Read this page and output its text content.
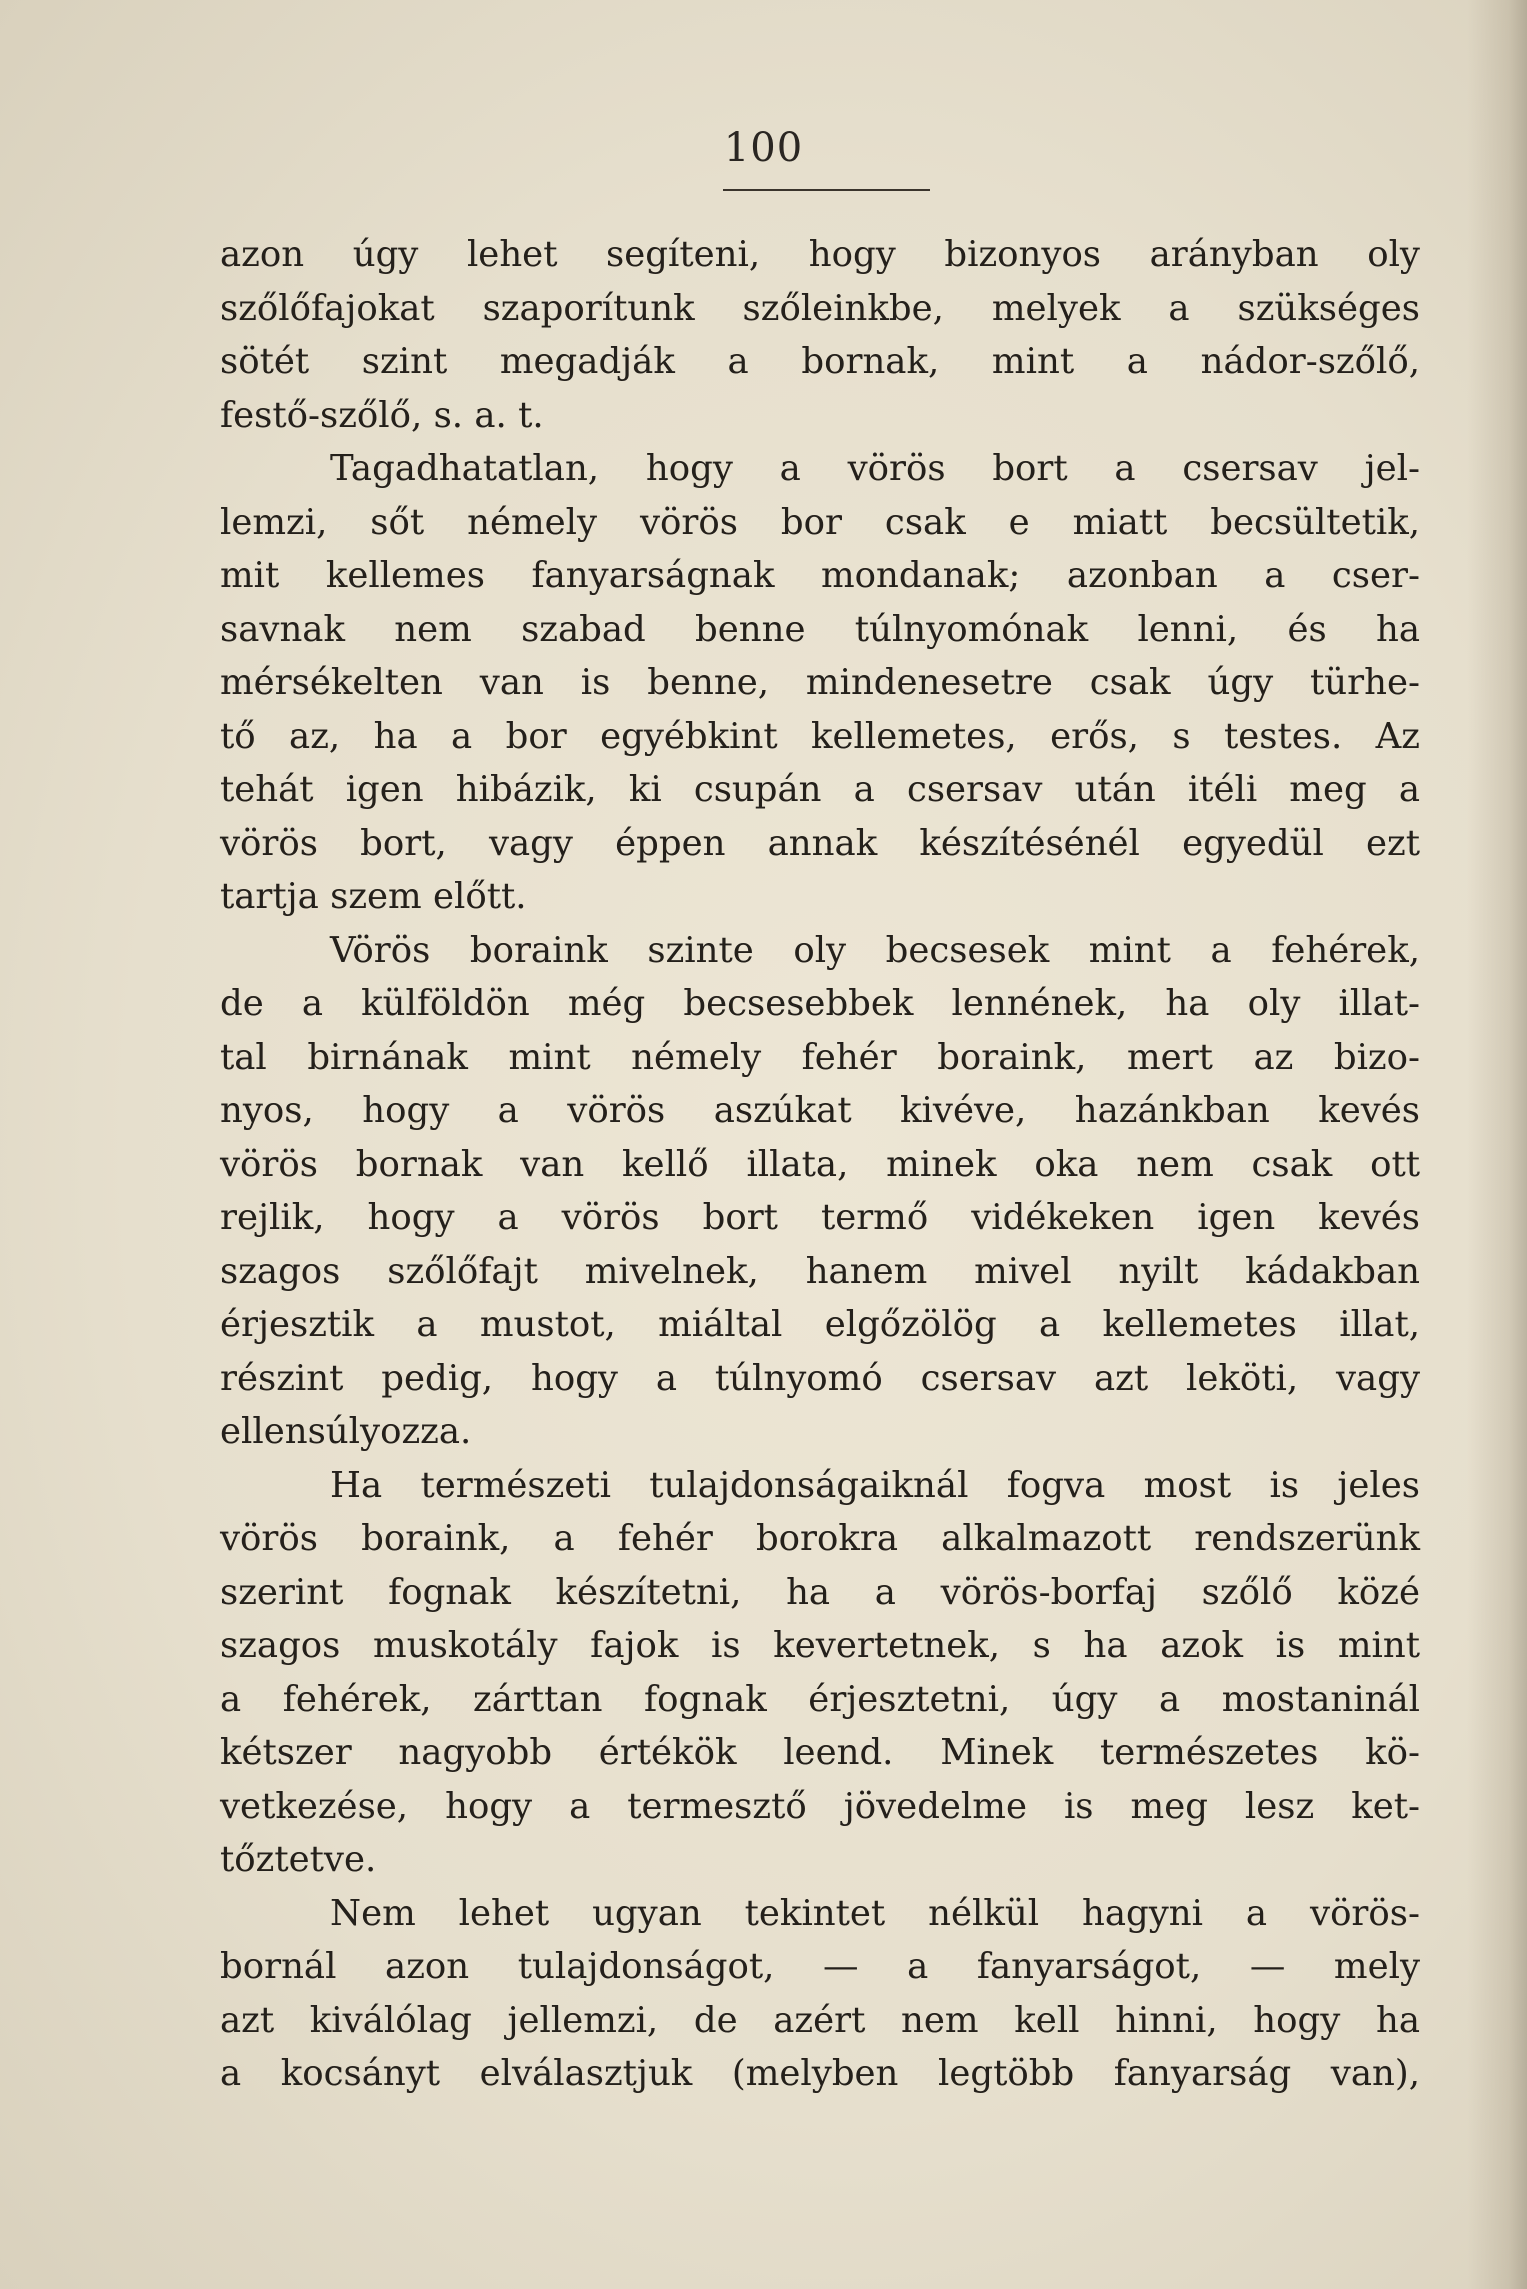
100
azon úgy lehet segíteni, hogy bizonyos arányban oly
szőlőfajokat szaporítunk szőleinkbe, melyek a szükséges
sötét szint megadják a bornak, mint a nádor-szőlő,
festő-szőlő, s. a. t.
Tagadhatatlan, hogy a vörös bort a csersav jel-
lemzi, sőt némely vörös bor csak e miatt becsültetik,
mit kellemes fanyarságnak mondanak; azonban a cser-
savnak nem szabad benne túlnyomónak lenni, és ha
mérsékelten van is benne, mindenesetre csak úgy türhe-
tő az, ha a bor egyébkint kellemetes, erős, s testes. Az
tehát igen hibázik, ki csupán a csersav után itéli meg a
vörös bort, vagy éppen annak készítésénél egyedül ezt
tartja szem előtt.
Vörös boraink szinte oly becsesek mint a fehérek,
de a külföldön még becsesebbek lennének, ha oly illat-
tal birnának mint némely fehér boraink, mert az bizo-
nyos, hogy a vörös aszúkat kivéve, hazánkban kevés
vörös bornak van kellő illata, minek oka nem csak ott
rejlik, hogy a vörös bort termő vidékeken igen kevés
szagos szőlőfajt mivelnek, hanem mivel nyilt kádakban
érjesztik a mustot, miáltal elgőzölög a kellemetes illat,
részint pedig, hogy a túlnyomó csersav azt leköti, vagy
ellensúlyozza.
Ha természeti tulajdonságaiknál fogva most is jeles
vörös boraink, a fehér borokra alkalmazott rendszerünk
szerint fognak készítetni, ha a vörös-borfaj szőlő közé
szagos muskotály fajok is kevertetnek, s ha azok is mint
a fehérek, zárttan fognak érjesztetni, úgy a mostaninál
kétszer nagyobb értékök leend. Minek természetes kö-
vetkezése, hogy a termesztő jövedelme is meg lesz ket-
tőztetve.
Nem lehet ugyan tekintet nélkül hagyni a vörös-
bornál azon tulajdonságot, — a fanyarságot, — mely
azt kiválólag jellemzi, de azért nem kell hinni, hogy ha
a kocsányt elválasztjuk (melyben legtöbb fanyarság van),
